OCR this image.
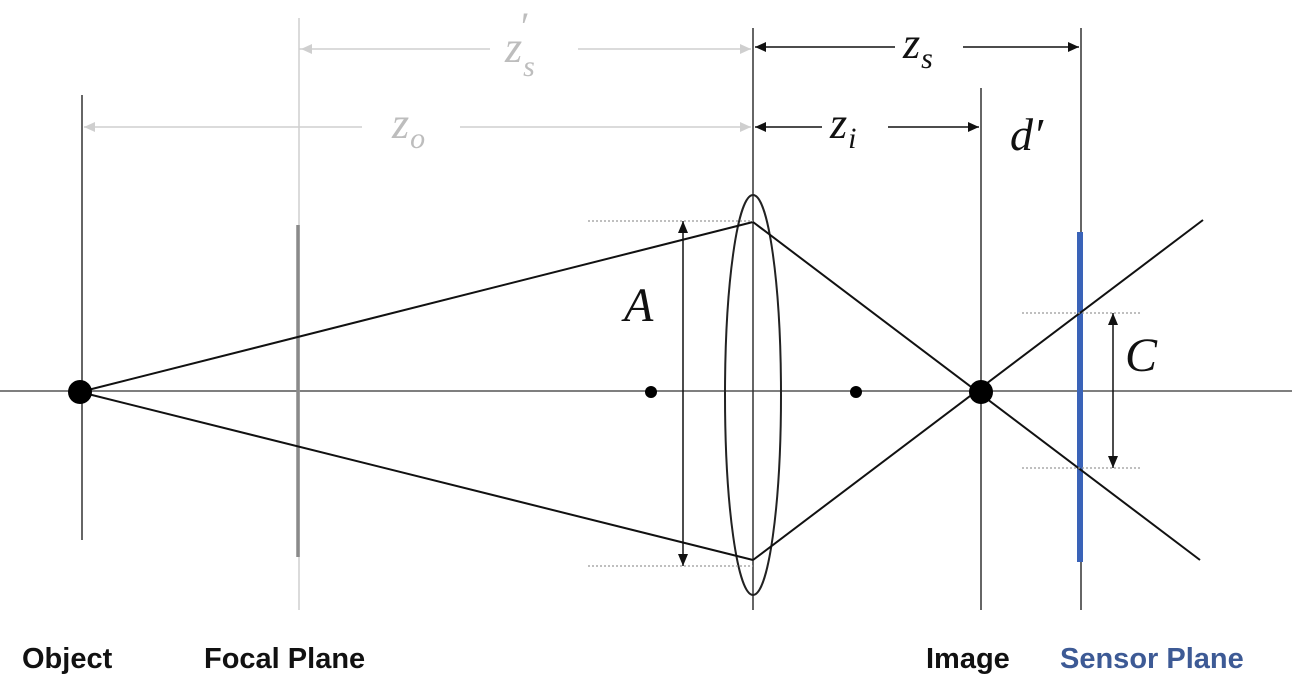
$z_s'$
$z_o$
$z_s$
$z_i$	d′
A
C
Object	Focal Plane	Image Sensor Plane
